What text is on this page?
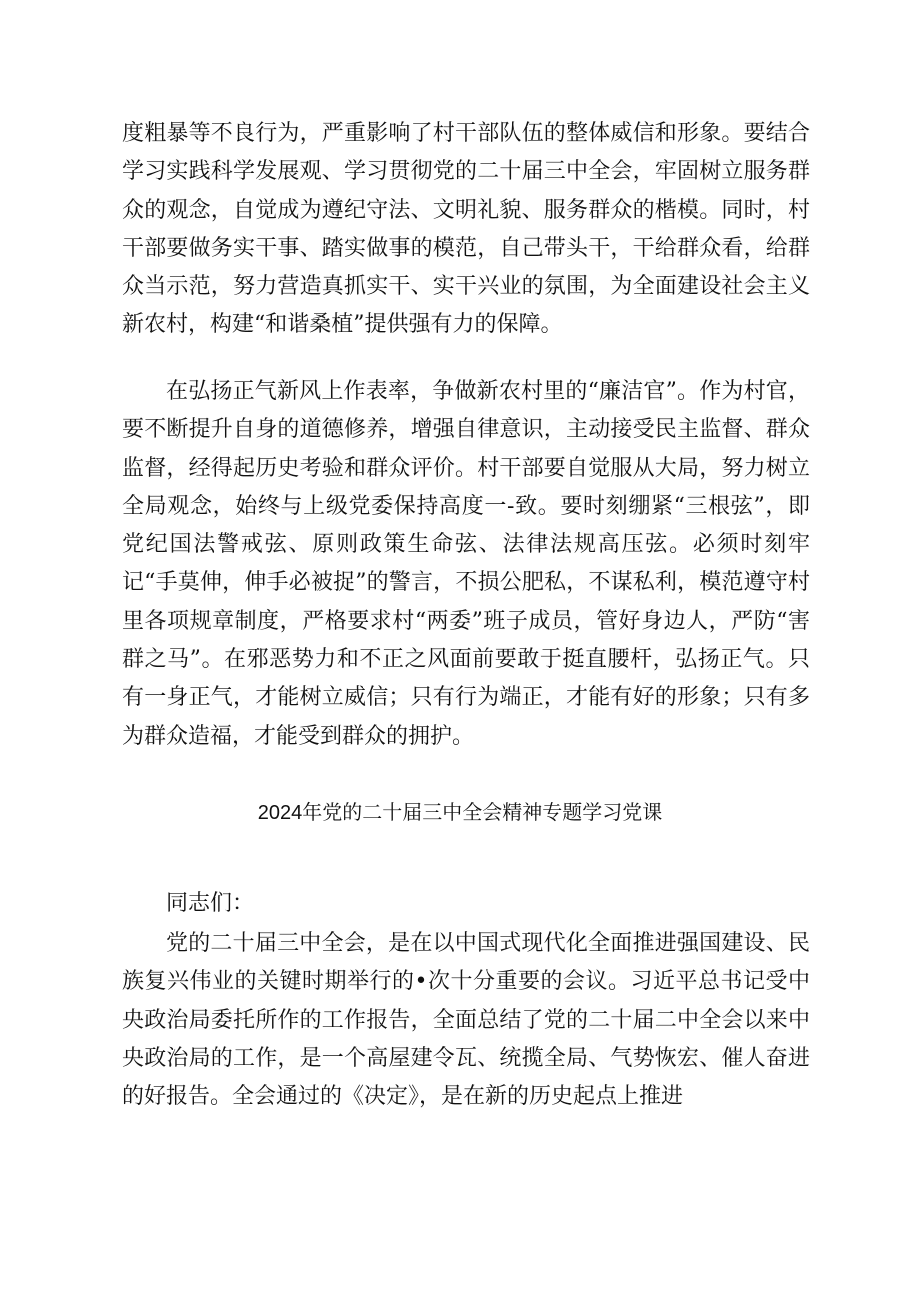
度粗暴等不良行为，严重影响了村干部队伍的整体威信和形象。要结合学习实践科学发展观、学习贯彻党的二十届三中全会，牢固树立服务群众的观念，自觉成为遵纪守法、文明礼貌、服务群众的楷模。同时，村干部要做务实干事、踏实做事的模范，自己带头干，干给群众看，给群众当示范，努力营造真抓实干、实干兴业的氛围，为全面建设社会主义新农村，构建“和谐桑植”提供强有力的保障。

在弘扬正气新风上作表率，争做新农村里的“廉洁官”。作为村官，要不断提升自身的道德修养，增强自律意识，主动接受民主监督、群众监督，经得起历史考验和群众评价。村干部要自觉服从大局，努力树立全局观念，始终与上级党委保持高度一-致。要时刻绷紧“三根弦”，即党纪国法警戒弦、原则政策生命弦、法律法规高压弦。必须时刻牢记“手莫伸，伸手必被捉”的警言，不损公肥私，不谋私利，模范遵守村里各项规章制度，严格要求村“两委”班子成员，管好身边人，严防“害群之马”。在邪恶势力和不正之风面前要敢于挺直腰杆，弘扬正气。只有一身正气，才能树立威信；只有行为端正，才能有好的形象；只有多为群众造福，才能受到群众的拥护。

2024年党的二十届三中全会精神专题学习党课

同志们：

党的二十届三中全会，是在以中国式现代化全面推进强国建设、民族复兴伟业的关键时期举行的•次十分重要的会议。习近平总书记受中央政治局委托所作的工作报告，全面总结了党的二十届二中全会以来中央政治局的工作，是一个高屋建令瓦、统揽全局、气势恢宏、催人奋进的好报告。全会通过的《决定》，是在新的历史起点上推进
